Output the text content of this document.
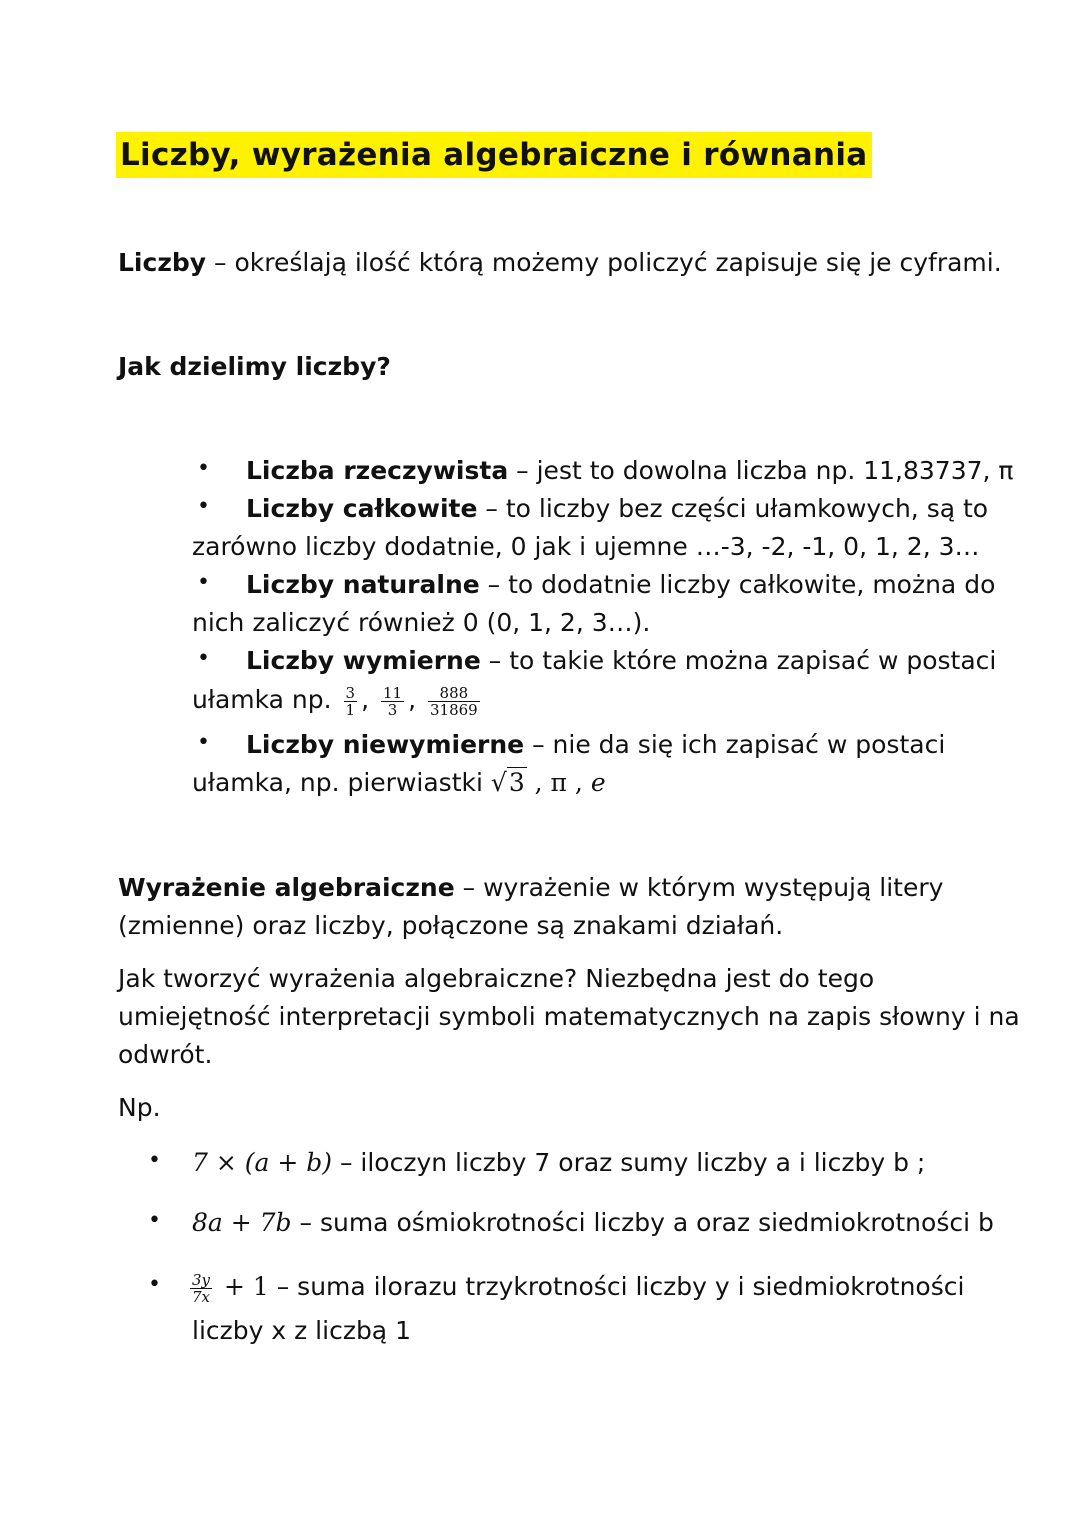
Liczby, wyrażenia algebraiczne i równania
Liczby – określają ilość którą możemy policzyć zapisuje się je cyframi.
Jak dzielimy liczby?
• Liczba rzeczywista – jest to dowolna liczba np. 11,83737, π
• Liczby całkowite – to liczby bez części ułamkowych, są to
zarówno liczby dodatnie, 0 jak i ujemne …-3, -2, -1, 0, 1, 2, 3…
• Liczby naturalne – to dodatnie liczby całkowite, można do
nich zaliczyć również 0 (0, 1, 2, 3…).
• Liczby wymierne – to takie które można zapisać w postaci
ułamka np. $\frac{3}{1}$ , $\frac{11}{3}$ , $\frac{888}{31869}$
• Liczby niewymierne – nie da się ich zapisać w postaci
ułamka, np. pierwiastki √3 , π , e
Wyrażenie algebraiczne – wyrażenie w którym występują litery
(zmienne) oraz liczby, połączone są znakami działań.
Jak tworzyć wyrażenia algebraiczne? Niezbędna jest do tego
umiejętność interpretacji symboli matematycznych na zapis słowny i na
odwrót.
Np.
• 7 × (a + b) – iloczyn liczby 7 oraz sumy liczby a i liczby b ;
• 8a + 7b – suma ośmiokrotności liczby a oraz siedmiokrotności b
• $\frac{3y}{7x} + 1$ – suma ilorazu trzykrotności liczby y i siedmiokrotności
liczby x z liczbą 1
